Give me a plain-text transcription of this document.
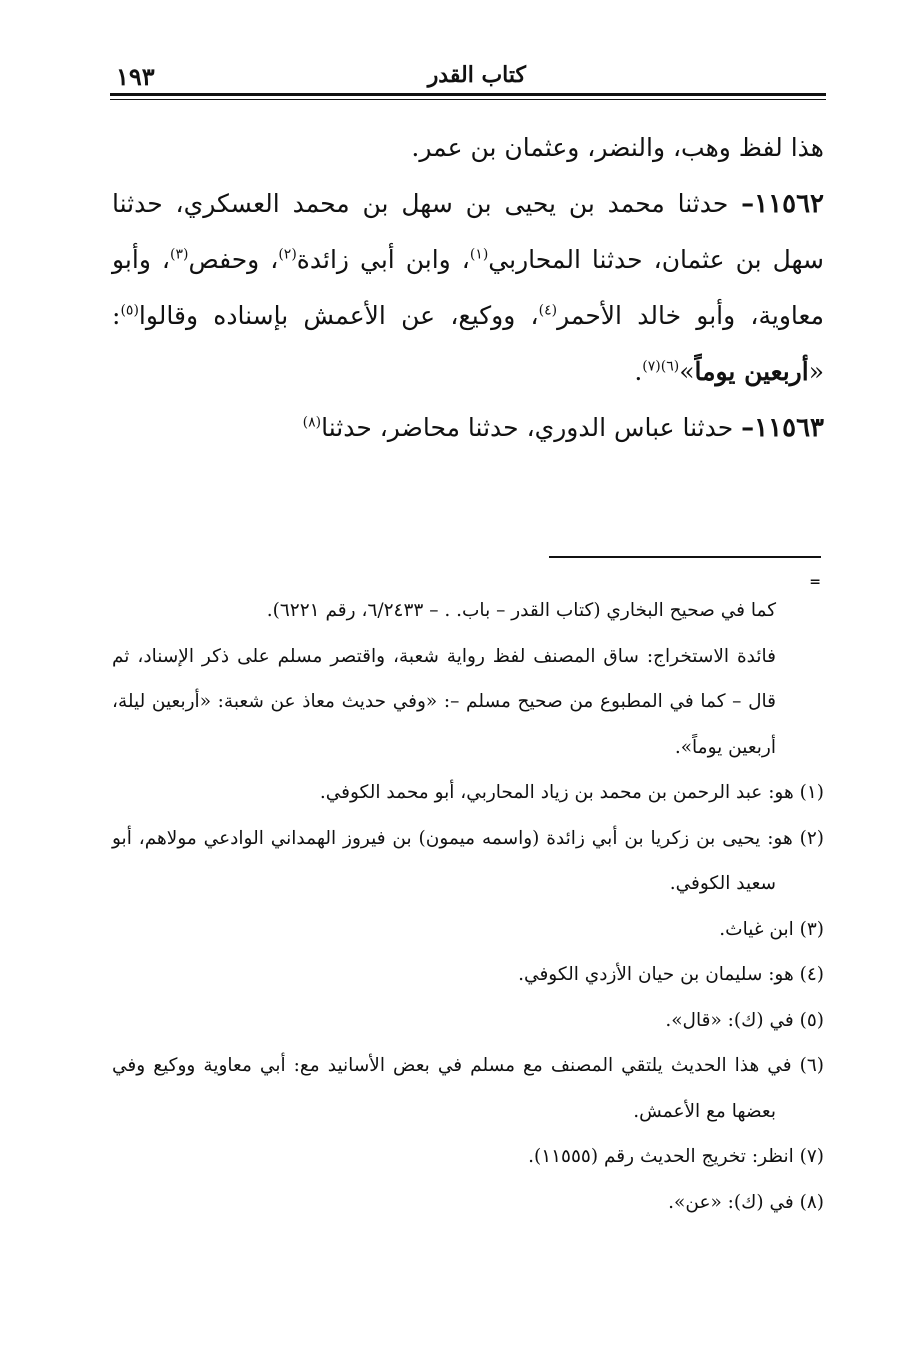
كتاب القدر
١٩٣

هذا لفظ وهب، والنضر، وعثمان بن عمر.

١١٥٦٢– حدثنا محمد بن يحيى بن سهل بن محمد العسكري، حدثنا سهل بن عثمان، حدثنا المحاربي$^{(١)}$، وابن أبي زائدة$^{(٢)}$، وحفص$^{(٣)}$، وأبو معاوية، وأبو خالد الأحمر$^{(٤)}$، ووكيع، عن الأعمش بإسناده وقالوا$^{(٥)}$: «أربعين يوماً»$^{(٦)(٧)}$.

١١٥٦٣– حدثنا عباس الدوري، حدثنا محاضر، حدثنا$^{(٨)}$

=

كما في صحيح البخاري (كتاب القدر – باب. . – ٦/٢٤٣٣، رقم ٦٢٢١).

فائدة الاستخراج: ساق المصنف لفظ رواية شعبة، واقتصر مسلم على ذكر الإسناد، ثم قال – كما في المطبوع من صحيح مسلم –: «وفي حديث معاذ عن شعبة: «أربعين ليلة، أربعين يوماً».

(١) هو: عبد الرحمن بن محمد بن زياد المحاربي، أبو محمد الكوفي.

(٢) هو: يحيى بن زكريا بن أبي زائدة (واسمه ميمون) بن فيروز الهمداني الوادعي مولاهم، أبو سعيد الكوفي.

(٣) ابن غياث.

(٤) هو: سليمان بن حيان الأزدي الكوفي.

(٥) في (ك): «قال».

(٦) في هذا الحديث يلتقي المصنف مع مسلم في بعض الأسانيد مع: أبي معاوية ووكيع وفي بعضها مع الأعمش.

(٧) انظر: تخريج الحديث رقم (١١٥٥٥).

(٨) في (ك): «عن».
